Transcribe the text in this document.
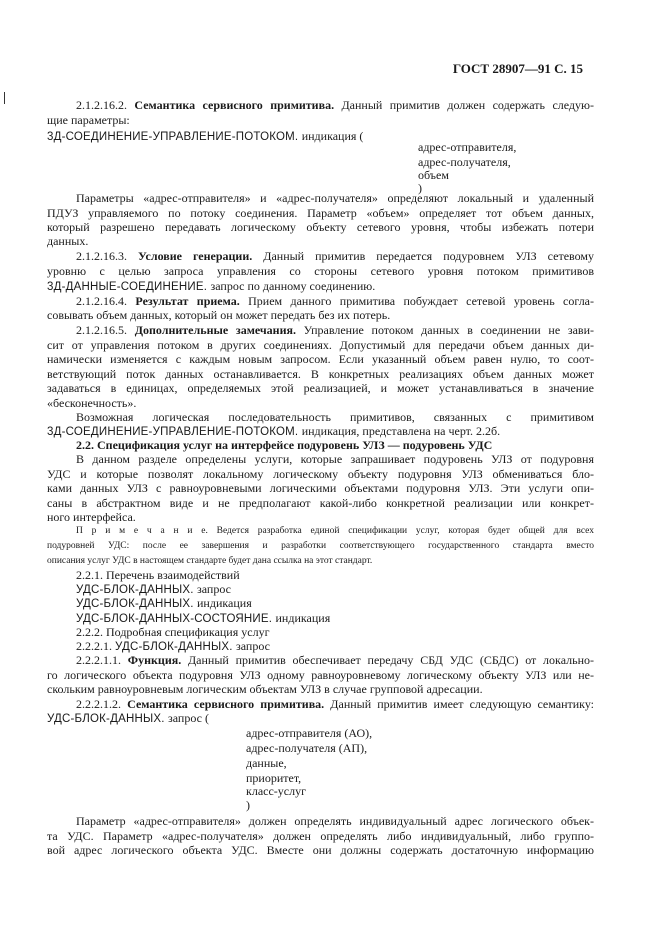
ГОСТ 28907—91 С. 15
2.1.2.16.2. Семантика сервисного примитива. Данный примитив должен содержать следую-
щие параметры:
3Д-СОЕДИНЕНИЕ-УПРАВЛЕНИЕ-ПОТОКОМ. индикация (
адрес-отправителя,
адрес-получателя,
объем
)
Параметры «адрес-отправителя» и «адрес-получателя» определяют локальный и удаленный
ПДУЗ управляемого по потоку соединения. Параметр «объем» определяет тот объем данных,
который разрешено передавать логическому объекту сетевого уровня, чтобы избежать потери
данных.
2.1.2.16.3. Условие генерации. Данный примитив передается подуровнем УЛЗ сетевому
уровню с целью запроса управления со стороны сетевого уровня потоком примитивов
3Д-ДАННЫЕ-СОЕДИНЕНИЕ. запрос по данному соединению.
2.1.2.16.4. Результат приема. Прием данного примитива побуждает сетевой уровень согла-
совывать объем данных, который он может передать без их потерь.
2.1.2.16.5. Дополнительные замечания. Управление потоком данных в соединении не зави-
сит от управления потоком в других соединениях. Допустимый для передачи объем данных ди-
намически изменяется с каждым новым запросом. Если указанный объем равен нулю, то соот-
ветствующий поток данных останавливается. В конкретных реализациях объем данных может
задаваться в единицах, определяемых этой реализацией, и может устанавливаться в значение
«бесконечность».
Возможная логическая последовательность примитивов, связанных с примитивом
3Д-СОЕДИНЕНИЕ-УПРАВЛЕНИЕ-ПОТОКОМ. индикация, представлена на черт. 2.2б.
2.2. Спецификация услуг на интерфейсе подуровень УЛЗ — подуровень УДС
В данном разделе определены услуги, которые запрашивает подуровень УЛЗ от подуровня
УДС и которые позволят локальному логическому объекту подуровня УЛЗ обмениваться бло-
ками данных УЛЗ с равноуровневыми логическими объектами подуровня УЛЗ. Эти услуги опи-
саны в абстрактном виде и не предполагают какой-либо конкретной реализации или конкрет-
ного интерфейса.
П р и м е ч а н и е. Ведется разработка единой спецификации услуг, которая будет общей для всех
подуровней УДС: после ее завершения и разработки соответствующего государственного стандарта вместо
описания услуг УДС в настоящем стандарте будет дана ссылка на этот стандарт.
2.2.1. Перечень взаимодействий
УДС-БЛОК-ДАННЫХ. запрос
УДС-БЛОК-ДАННЫХ. индикация
УДС-БЛОК-ДАННЫХ-СОСТОЯНИЕ. индикация
2.2.2. Подробная спецификация услуг
2.2.2.1. УДС-БЛОК-ДАННЫХ. запрос
2.2.2.1.1. Функция. Данный примитив обеспечивает передачу СБД УДС (СБДС) от локально-
го логического объекта подуровня УЛЗ одному равноуровневому логическому объекту УЛЗ или не-
скольким равноуровневым логическим объектам УЛЗ в случае групповой адресации.
2.2.2.1.2. Семантика сервисного примитива. Данный примитив имеет следующую семантику:
УДС-БЛОК-ДАННЫХ. запрос (
адрес-отправителя (АО),
адрес-получателя (АП),
данные,
приоритет,
класс-услуг
)
Параметр «адрес-отправителя» должен определять индивидуальный адрес логического объек-
та УДС. Параметр «адрес-получателя» должен определять либо индивидуальный, либо группо-
вой адрес логического объекта УДС. Вместе они должны содержать достаточную информацию
